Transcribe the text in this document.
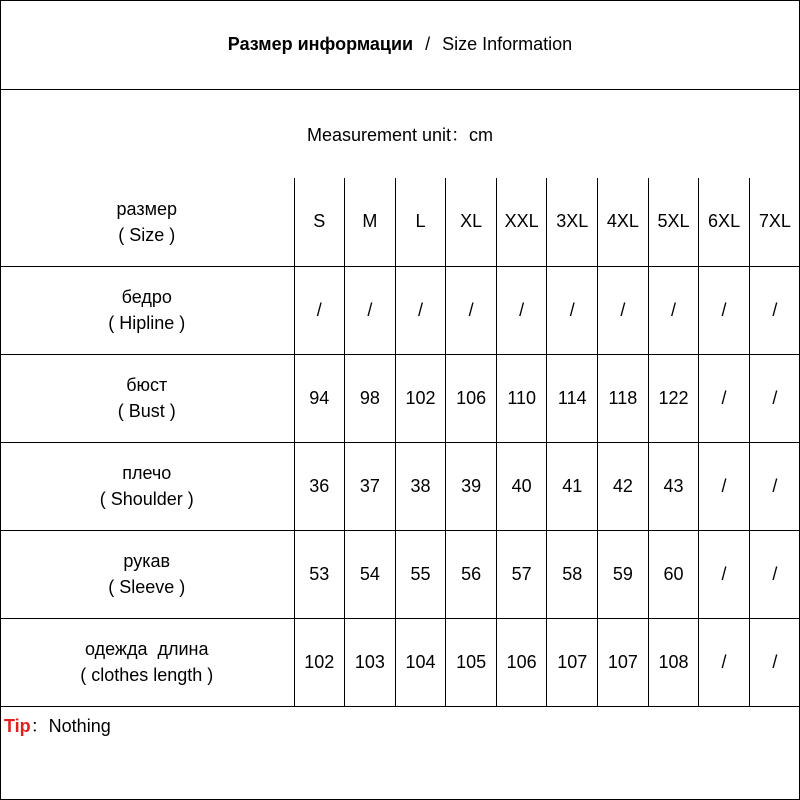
Размер информации / Size Information
Measurement unit：cm
размер
( Size )	S	M	L	XL	XXL	3XL	4XL	5XL	6XL	7XL

бедро
( Hipline )	/	/	/	/	/	/	/	/	/	/

бюст
( Bust )	94	98	102	106	110	114	118	122	/	/

плечо
( Shoulder )	36	37	38	39	40	41	42	43	/	/

рукав
( Sleeve )	53	54	55	56	57	58	59	60	/	/

одежда  длина
( clothes length )	102	103	104	105	106	107	107	108	/	/
Tip：Nothing
